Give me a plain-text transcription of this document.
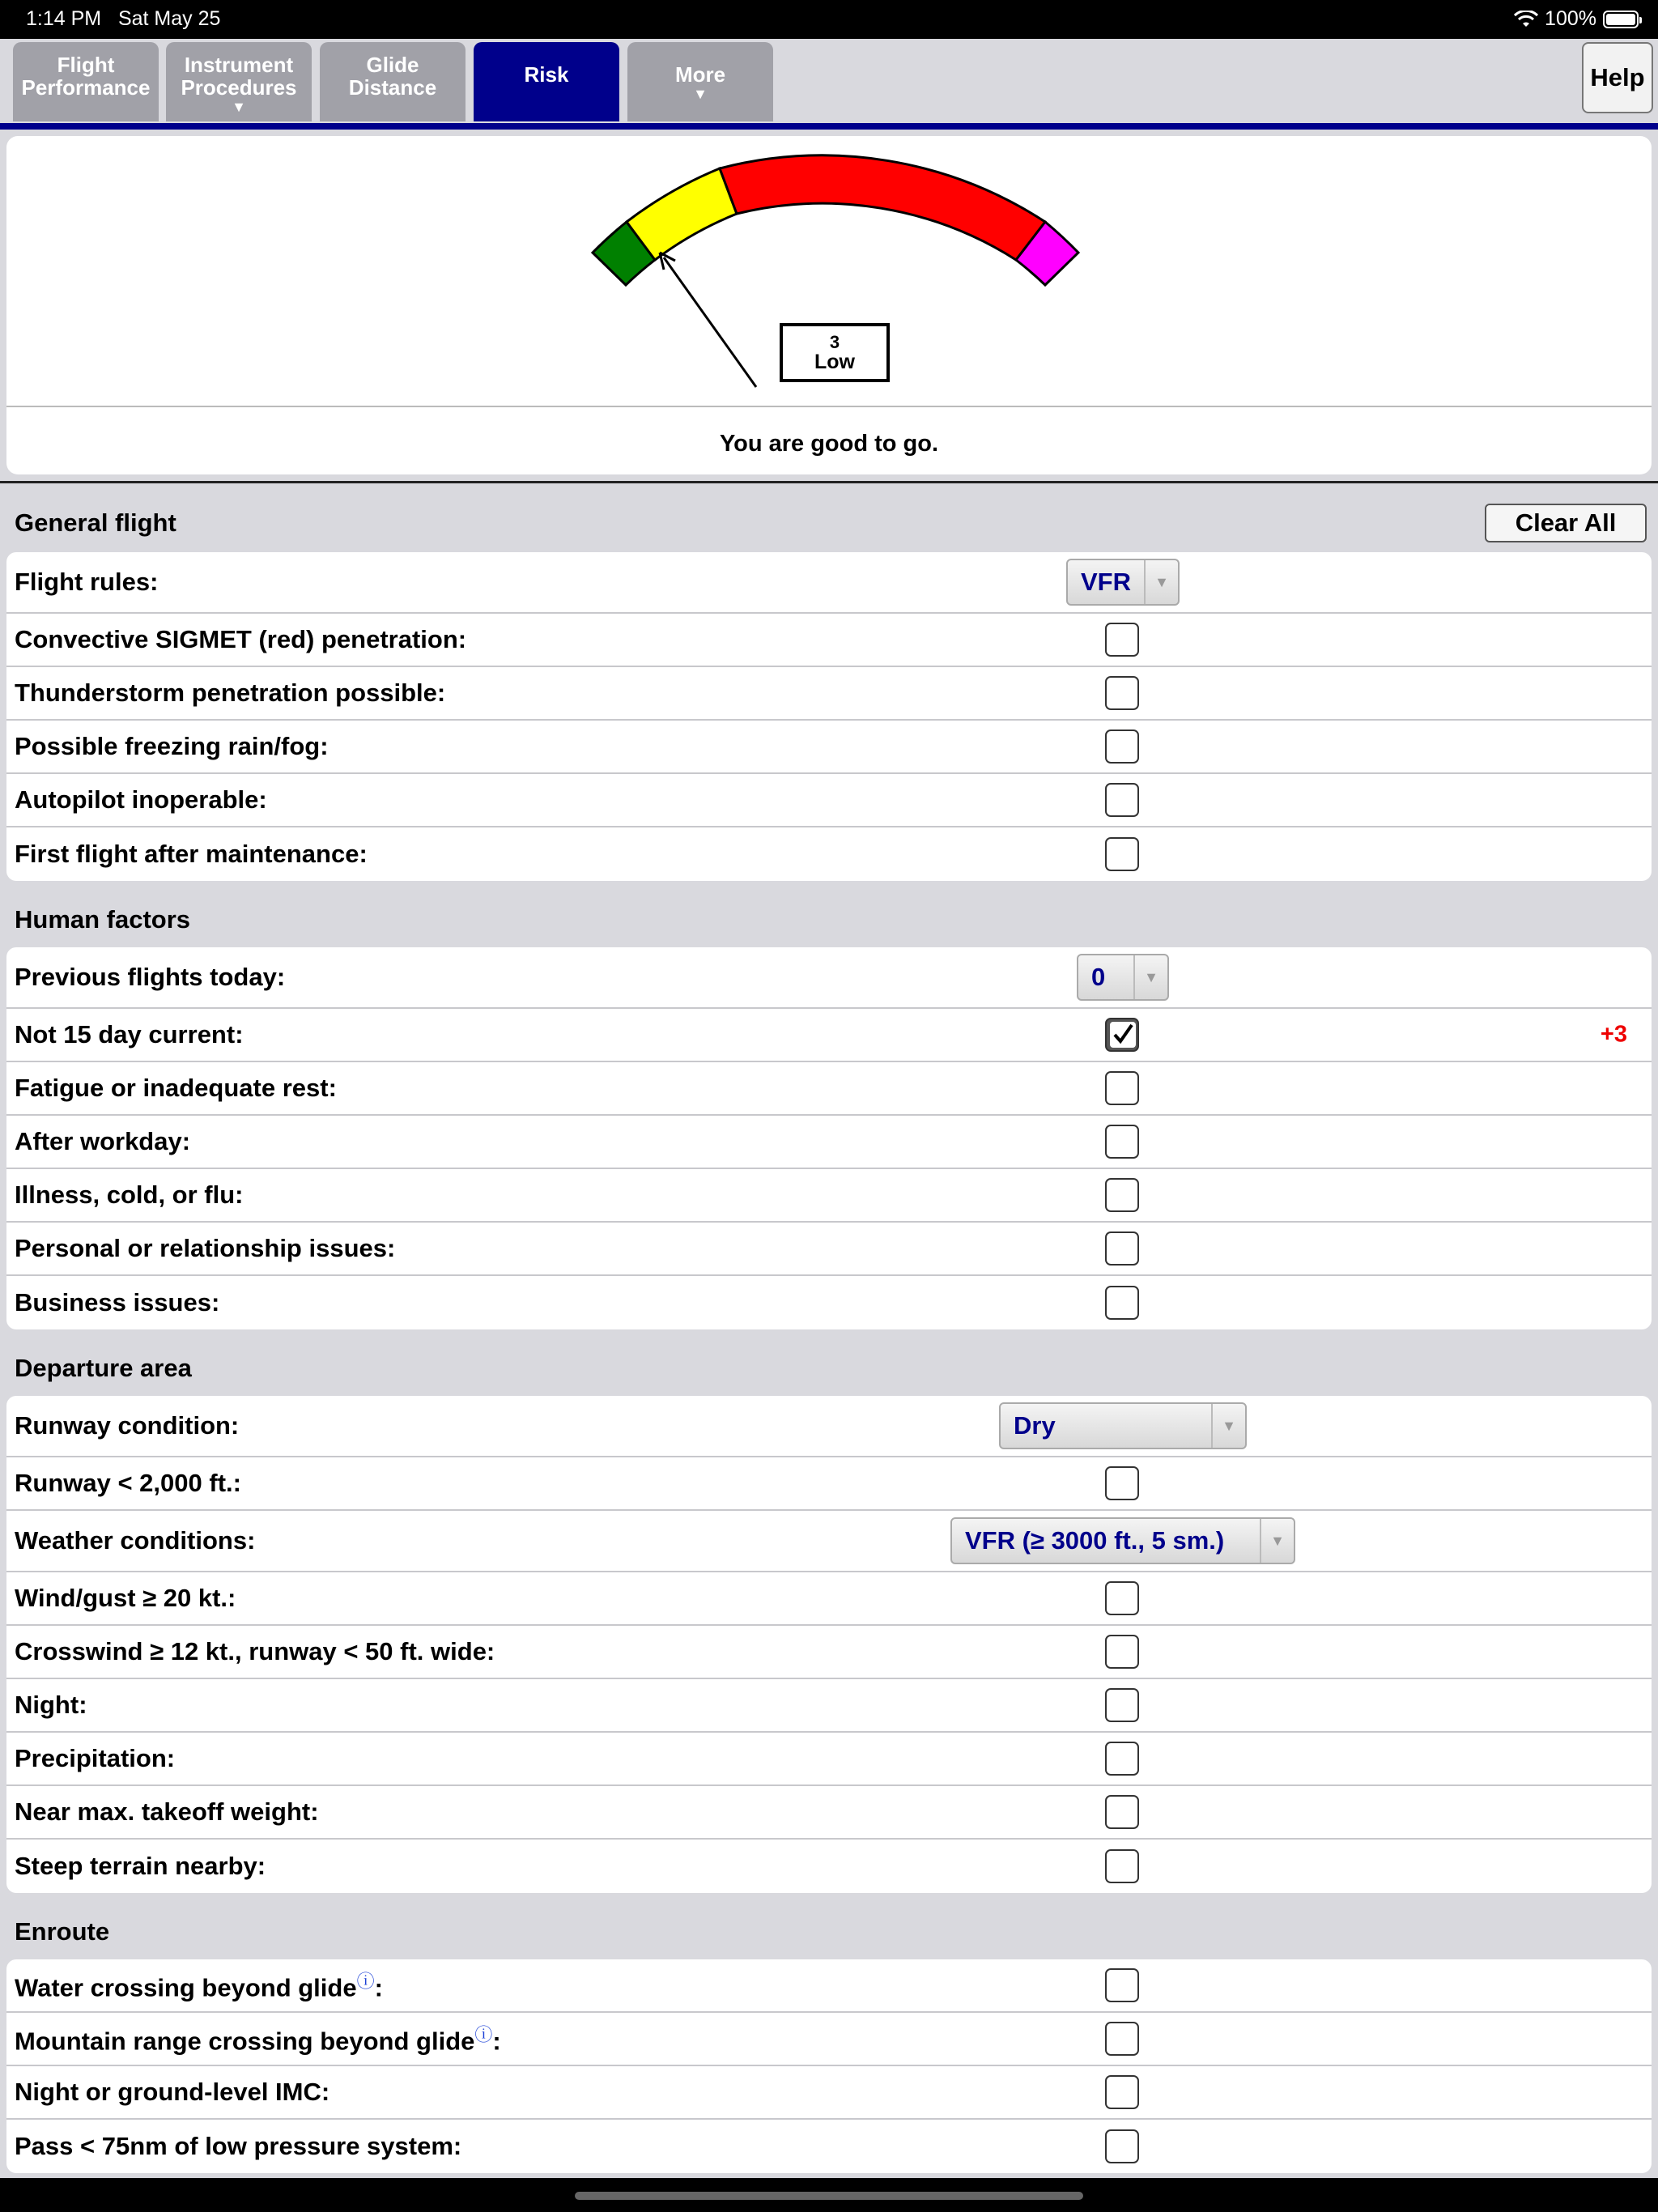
1:14 PM Sat May 25	100%
Flight
Performance
Instrument
Procedures
▼
Glide
Distance
Risk	More
▼
Help
3
Low
You are good to go.
General flight	Clear All
Flight rules:	VFR	▼
Convective SIGMET (red) penetration:
Thunderstorm penetration possible:
Possible freezing rain/fog:
Autopilot inoperable:
First flight after maintenance:
Human factors
Previous flights today:	0	▼
Not 15 day current:	+3
Fatigue or inadequate rest:
After workday:
Illness, cold, or flu:
Personal or relationship issues:
Business issues:
Departure area
Runway condition:	Dry	▼
Runway < 2,000 ft.:
Weather conditions:	VFR (≥ 3000 ft., 5 sm.)	▼
Wind/gust ≥ 20 kt.:
Crosswind ≥ 12 kt., runway < 50 ft. wide:
Night:
Precipitation:
Near max. takeoff weight:
Steep terrain nearby:
Enroute
Water crossing beyond glideⓘ:
Mountain range crossing beyond glideⓘ:
Night or ground-level IMC:
Pass < 75nm of low pressure system:
